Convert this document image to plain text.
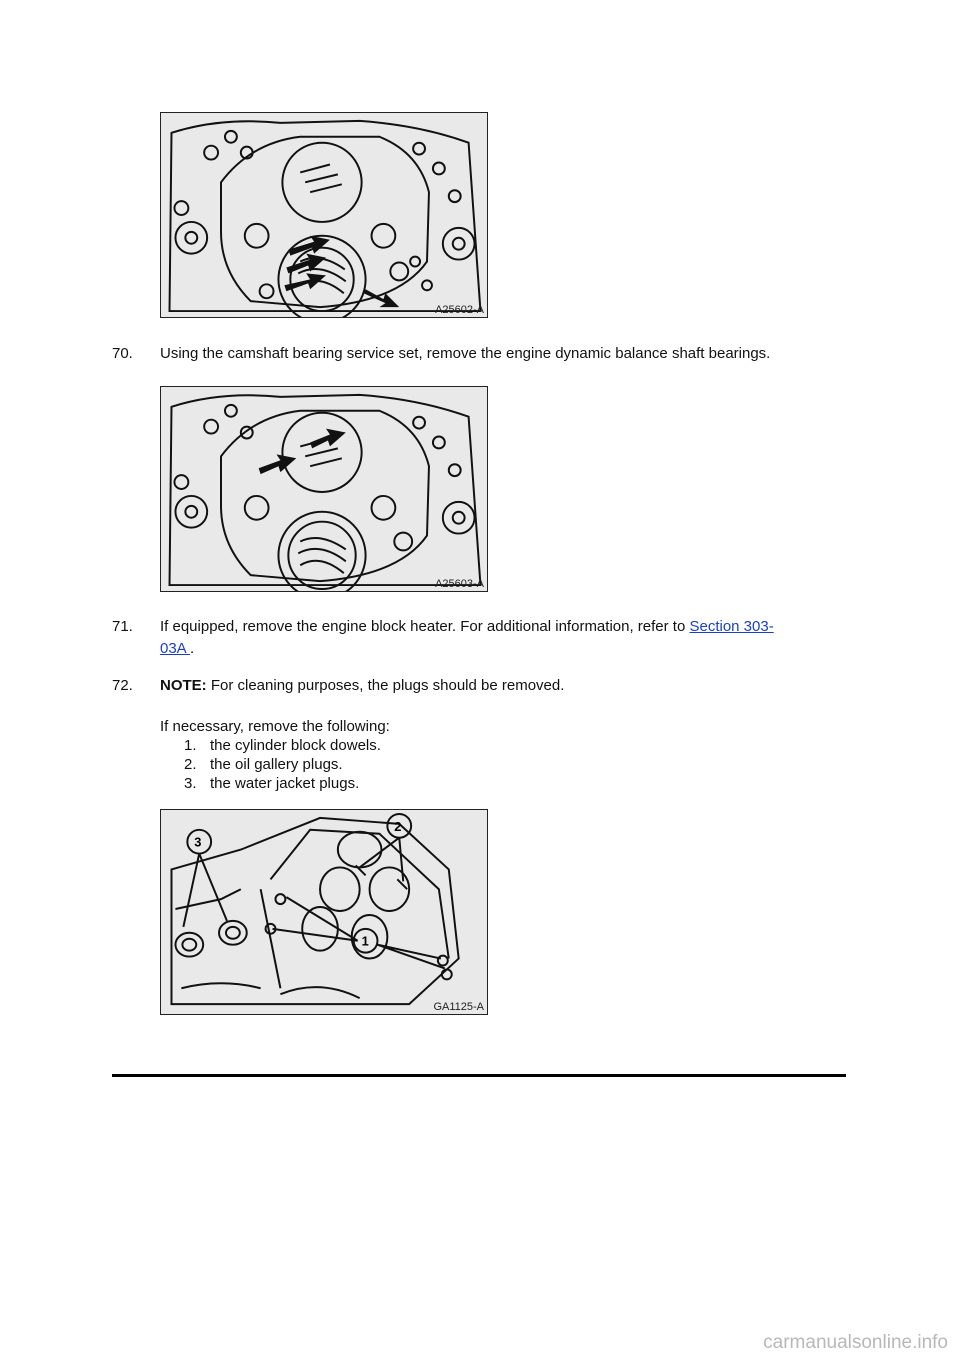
A25602-A
70.	Using the camshaft bearing service set, remove the engine dynamic balance shaft bearings.
A25603-A
71.	If equipped, remove the engine block heater. For additional information, refer to Section 303-
03A .
72.	NOTE: For cleaning purposes, the plugs should be removed.
If necessary, remove the following:
1. the cylinder block dowels.
2. the oil gallery plugs.
3. the water jacket plugs.
3
2
1
GA1125-A
carmanualsonline.info
